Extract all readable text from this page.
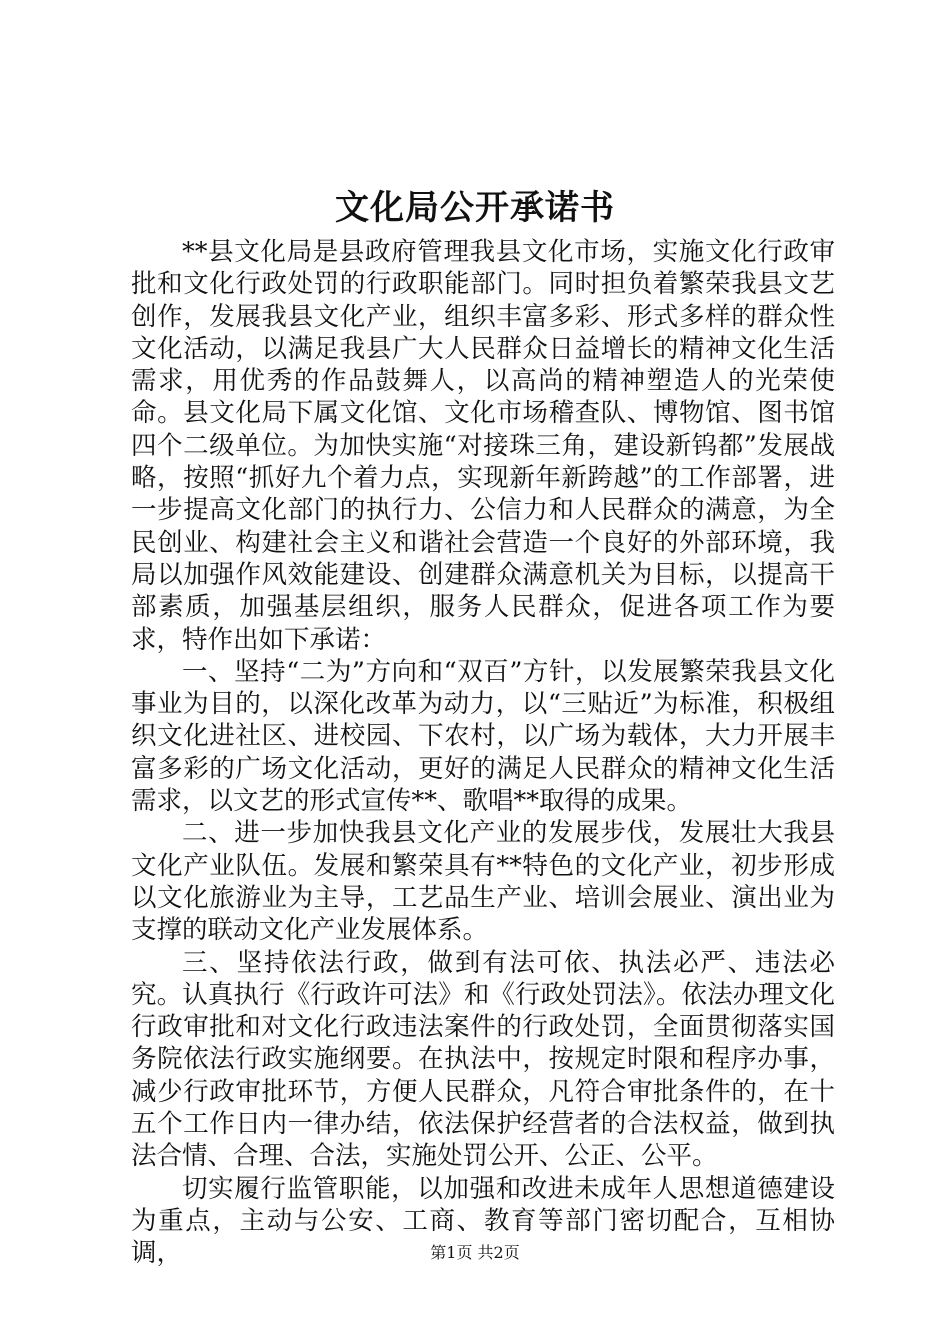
文化局公开承诺书

**县文化局是县政府管理我县文化市场，实施文化行政审批和文化行政处罚的行政职能部门。同时担负着繁荣我县文艺创作，发展我县文化产业，组织丰富多彩、形式多样的群众性文化活动，以满足我县广大人民群众日益增长的精神文化生活需求，用优秀的作品鼓舞人，以高尚的精神塑造人的光荣使命。县文化局下属文化馆、文化市场稽查队、博物馆、图书馆四个二级单位。为加快实施“对接珠三角，建设新钨都”发展战略，按照“抓好九个着力点，实现新年新跨越”的工作部署，进一步提高文化部门的执行力、公信力和人民群众的满意，为全民创业、构建社会主义和谐社会营造一个良好的外部环境，我局以加强作风效能建设、创建群众满意机关为目标，以提高干部素质，加强基层组织，服务人民群众，促进各项工作为要求，特作出如下承诺：

一、坚持“二为”方向和“双百”方针，以发展繁荣我县文化事业为目的，以深化改革为动力，以“三贴近”为标准，积极组织文化进社区、进校园、下农村，以广场为载体，大力开展丰富多彩的广场文化活动，更好的满足人民群众的精神文化生活需求，以文艺的形式宣传**、歌唱**取得的成果。

二、进一步加快我县文化产业的发展步伐，发展壮大我县文化产业队伍。发展和繁荣具有**特色的文化产业，初步形成以文化旅游业为主导，工艺品生产业、培训会展业、演出业为支撑的联动文化产业发展体系。

三、坚持依法行政，做到有法可依、执法必严、违法必究。认真执行《行政许可法》和《行政处罚法》。依法办理文化行政审批和对文化行政违法案件的行政处罚，全面贯彻落实国务院依法行政实施纲要。在执法中，按规定时限和程序办事，减少行政审批环节，方便人民群众，凡符合审批条件的，在十五个工作日内一律办结，依法保护经营者的合法权益，做到执法合情、合理、合法，实施处罚公开、公正、公平。

切实履行监管职能，以加强和改进未成年人思想道德建设为重点，主动与公安、工商、教育等部门密切配合，互相协调，	第1页 共2页
